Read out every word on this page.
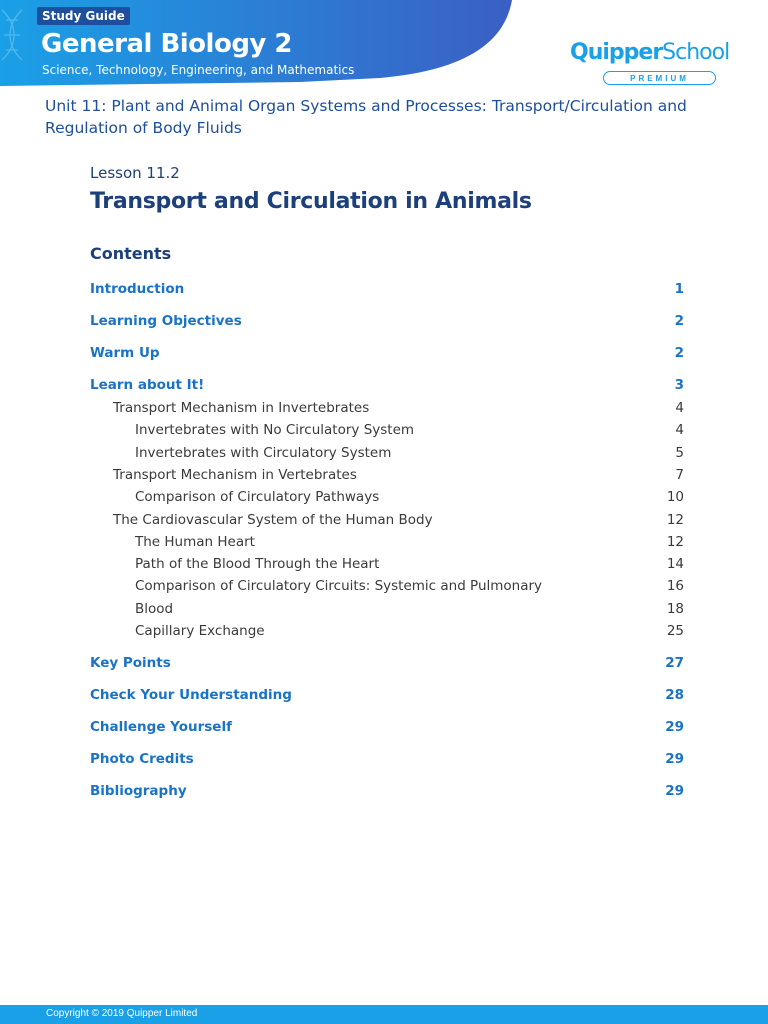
Study Guide
General Biology 2
Science, Technology, Engineering, and Mathematics
QuipperSchool
PREMIUM
Unit 11: Plant and Animal Organ Systems and Processes: Transport/Circulation and Regulation of Body Fluids
Lesson 11.2
Transport and Circulation in Animals
Contents
Introduction	1
Learning Objectives	2
Warm Up	2
Learn about It!	3
Transport Mechanism in Invertebrates	4
Invertebrates with No Circulatory System	4
Invertebrates with Circulatory System	5
Transport Mechanism in Vertebrates	7
Comparison of Circulatory Pathways	10
The Cardiovascular System of the Human Body	12
The Human Heart	12
Path of the Blood Through the Heart	14
Comparison of Circulatory Circuits: Systemic and Pulmonary	16
Blood	18
Capillary Exchange	25
Key Points	27
Check Your Understanding	28
Challenge Yourself	29
Photo Credits	29
Bibliography	29
Copyright © 2019 Quipper Limited
